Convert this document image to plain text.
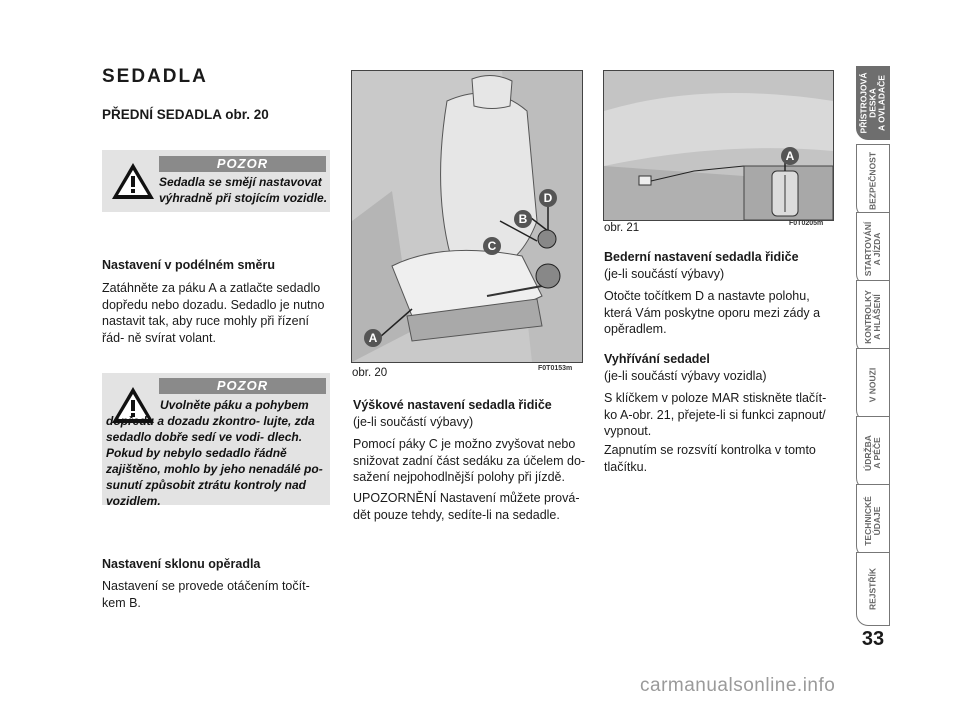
SEDADLA
PŘEDNÍ SEDADLA obr. 20
POZOR
Sedadla se smějí nastavovat výhradně při stojícím vozidle.
Nastavení v podélném směru
Zatáhněte za páku A a zatlačte sedadlo dopředu nebo dozadu. Sedadlo je nutno nastavit tak, aby ruce mohly při řízení řád- ně svírat volant.
POZOR
Uvolněte páku a pohybem dopředu a dozadu zkontro- lujte, zda sedadlo dobře sedí ve vodi- dlech. Pokud by nebylo sedadlo řádně zajištěno, mohlo by jeho nenadálé po- sunutí způsobit ztrátu kontroly nad vozidlem.
Nastavení sklonu opěradla
Nastavení se provede otáčením točít- kem B.
A
B
C
D
obr. 20	F0T0153m
Výškové nastavení sedadla řidiče
(je-li součástí výbavy)
Pomocí páky C je možno zvyšovat nebo snižovat zadní část sedáku za účelem do- sažení nejpohodlnější polohy při jízdě.
UPOZORNĚNÍ Nastavení můžete prová- dět pouze tehdy, sedíte-li na sedadle.
A
obr. 21	F0T0205m
Bederní nastavení sedadla řidiče
(je-li součástí výbavy)
Otočte točítkem D a nastavte polohu, která Vám poskytne oporu mezi zády a opěradlem.
Vyhřívání sedadel
(je-li součástí výbavy vozidla)
S klíčkem v poloze MAR stiskněte tlačít- ko A-obr. 21, přejete-li si funkci zapnout/ vypnout.
Zapnutím se rozsvítí kontrolka v tomto tlačítku.
PŘÍSTROJOVÁ
DESKA
A OVLADAČE
BEZPEČNOST
STARTOVÁNÍ
A JÍZDA
KONTROLKY
A HLÁŠENÍ
V NOUZI
ÚDRŽBA
A PÉČE
TECHNICKÉ
ÚDAJE
REJSTŘÍK
33
carmanualsonline.info
